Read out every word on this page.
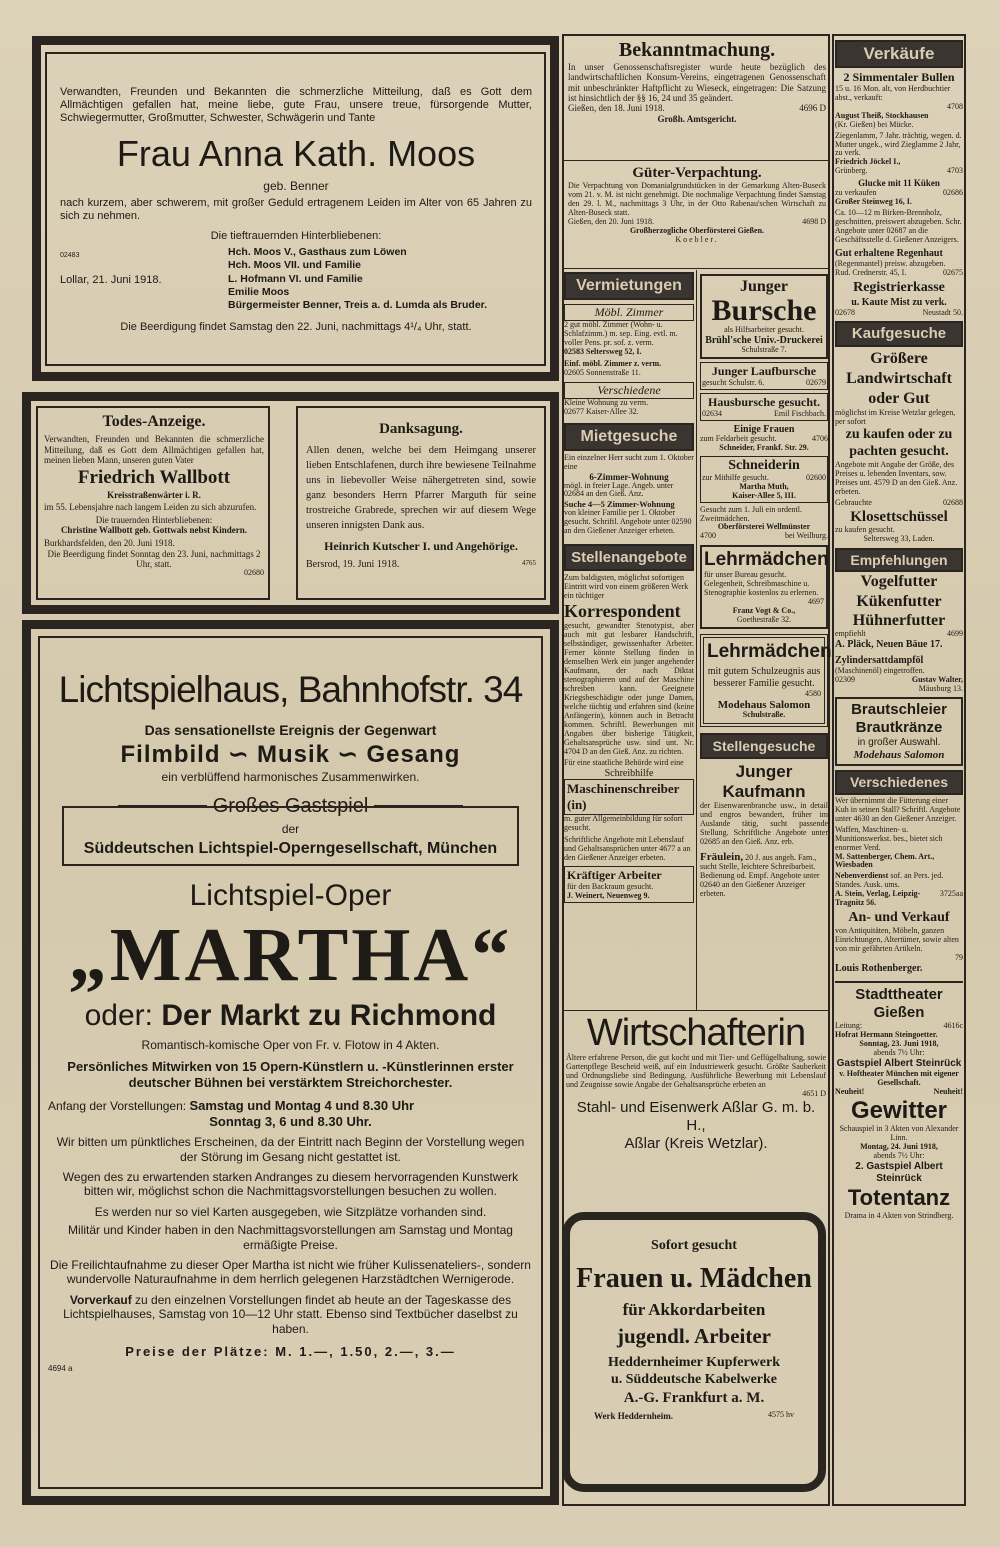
Verwandten, Freunden und Bekannten die schmerzliche Mitteilung, daß es Gott dem Allmächtigen gefallen hat, meine liebe, gute Frau, unsere treue, fürsorgende Mutter, Schwiegermutter, Großmutter, Schwester, Schwägerin und Tante

Frau Anna Kath. Moos

geb. Benner

nach kurzem, aber schwerem, mit großer Geduld ertragenem Leiden im Alter von 65 Jahren zu sich zu nehmen.

Die tieftrauernden Hinterbliebenen:

02483

Lollar, 21. Juni 1918.

Hch. Moos V., Gasthaus zum Löwen

Hch. Moos VII. und Familie

L. Hofmann VI. und Familie

Emilie Moos

Bürgermeister Benner, Treis a. d. Lumda als Bruder.

Die Beerdigung findet Samstag den 22. Juni, nachmittags 4¹/₄ Uhr, statt.

Todes-Anzeige.

Verwandten, Freunden und Bekannten die schmerzliche Mitteilung, daß es Gott dem Allmächtigen gefallen hat, meinen lieben Mann, unseren guten Vater

Friedrich Wallbott

Kreisstraßenwärter i. R.

im 55. Lebensjahre nach langem Leiden zu sich abzurufen.

Die trauernden Hinterbliebenen:

Christine Wallbott geb. Gottwals nebst Kindern.

Burkhardsfelden, den 20. Juni 1918.

Die Beerdigung findet Sonntag den 23. Juni, nachmittags 2 Uhr, statt.

02680

Danksagung.

Allen denen, welche bei dem Heimgang unserer lieben Entschlafenen, durch ihre bewiesene Teilnahme uns in liebevoller Weise nähergetreten sind, sowie ganz besonders Herrn Pfarrer Marguth für seine trostreiche Grabrede, sprechen wir auf diesem Wege unseren innigsten Dank aus.

Heinrich Kutscher I. und Angehörige.

Bersrod, 19. Juni 1918.	4765

Lichtspielhaus, Bahnhofstr. 34

Das sensationellste Ereignis der Gegenwart

Filmbild ∽ Musik ∽ Gesang

ein verblüffend harmonisches Zusammenwirken.

Großes Gastspiel

der

Süddeutschen Lichtspiel-Operngesellschaft, München

Lichtspiel-Oper

„MARTHA“

oder: Der Markt zu Richmond

Romantisch-komische Oper von Fr. v. Flotow in 4 Akten.

Persönliches Mitwirken von 15 Opern-Künstlern u. -Künstlerinnen erster deutscher Bühnen bei verstärktem Streichorchester.

Anfang der Vorstellungen: Samstag und Montag 4 und 8.30 Uhr

Sonntag 3, 6 und 8.30 Uhr.

Wir bitten um pünktliches Erscheinen, da der Eintritt nach Beginn der Vorstellung wegen der Störung im Gesang nicht gestattet ist.

Wegen des zu erwartenden starken Andranges zu diesem hervorragenden Kunstwerk bitten wir, möglichst schon die Nachmittagsvorstellungen besuchen zu wollen.

Es werden nur so viel Karten ausgegeben, wie Sitzplätze vorhanden sind.

Militär und Kinder haben in den Nachmittagsvorstellungen am Samstag und Montag ermäßigte Preise.

Die Freilichtaufnahme zu dieser Oper Martha ist nicht wie früher Kulissenateliers-, sondern wundervolle Naturaufnahme in dem herrlich gelegenen Harzstädtchen Wernigerode.

Vorverkauf zu den einzelnen Vorstellungen findet ab heute an der Tageskasse des Lichtspielhauses, Samstag von 10—12 Uhr statt. Ebenso sind Textbücher daselbst zu haben.

Preise der Plätze: M. 1.—, 1.50, 2.—, 3.—

4694 a

Bekanntmachung.

In unser Genossenschaftsregister wurde heute bezüglich des landwirtschaftlichen Konsum-Vereins, eingetragenen Genossenschaft mit unbeschränkter Haftpflicht zu Wieseck, eingetragen: Die Satzung ist hinsichtlich der §§ 16, 24 und 35 geändert.

Gießen, den 18. Juni 1918.	4696 D

Großh. Amtsgericht.

Güter-Verpachtung.

Die Verpachtung von Domanialgrundstücken in der Gemarkung Alten-Buseck vom 21. v. M. ist nicht genehmigt. Die nochmalige Verpachtung findet Samstag den 29. l. M., nachmittags 3 Uhr, in der Otto Rabenau'schen Wirtschaft zu Alten-Buseck statt.

Gießen, den 20. Juni 1918.	4698 D

Großherzogliche Oberförsterei Gießen.

Koebler.

Vermietungen
Möbl. Zimmer

2 gut möbl. Zimmer (Wohn- u. Schlafzimm.) m. sep. Eing. evtl. m. voller Pens. pr. sof. z. verm.

02583 Seltersweg 52, I.

Einf. möbl. Zimmer z. verm.

02605 Sonnenstraße 11.

Verschiedene

Kleine Wohnung zu verm.

02677 Kaiser-Allee 32.

Mietgesuche

Ein einzelner Herr sucht zum 1. Oktober eine

6-Zimmer-Wohnung

mögl. in freier Lage. Angeb. unter 02684 an den Gieß. Anz.

Suche 4—5 Zimmer-Wohnung

von kleiner Familie per 1. Oktober gesucht. Schriftl. Angebote unter 02590 an den Gießener Anzeiger erbeten.

Stellenangebote

Zum baldigsten, möglichst sofortigen Eintritt wird von einem größeren Werk ein tüchtiger

Korrespondent

gesucht, gewandter Stenotypist, aber auch mit gut lesbarer Handschrift, selbständiger, gewissenhafter Arbeiter. Ferner könnte Stellung finden in demselben Werk ein junger angehender Kaufmann, der nach Diktat stenographieren und auf der Maschine schreiben kann. Geeignete Kriegsbeschädigte oder junge Damen, welche tüchtig und erfahren sind (keine Anfängerin), können auch in Betracht kommen. Schriftl. Bewerbungen mit Angaben über bisherige Tätigkeit, Gehaltsansprüche usw. sind unt. Nr. 4704 D an den Gieß. Anz. zu richten.

Für eine staatliche Behörde wird eine

Schreibhilfe

Maschinenschreiber (in)

m. guter Allgemeinbildung für sofort gesucht.

Schriftliche Angebote mit Lebenslauf und Gehaltsansprüchen unter 4677 a an den Gießener Anzeiger erbeten.

Kräftiger Arbeiter

für den Backraum gesucht.

J. Weinert, Neuenweg 9.

Junger

Bursche

als Hilfsarbeiter gesucht.

Brühl'sche Univ.-Druckerei

Schulstraße 7.

Junger Laufbursche

gesucht Schulstr. 6.	02679

Hausbursche gesucht.

02634	Emil Fischbach.

Einige Frauen

zum Feldarbeit gesucht.	4706

Schneider, Frankf. Str. 29.

Schneiderin

zur Mithilfe gesucht.	02600

Martha Muth,

Kaiser-Allee 5, III.

Gesucht zum 1. Juli ein ordentl. Zweitmädchen.

Oberförsterei Wellmünster

4700	bei Weilburg.

Lehrmädchen

für unser Bureau gesucht. Gelegenheit, Schreibmaschine u. Stenographie kostenlos zu erlernen.

4697

Franz Vogt & Co.,

Goethestraße 32.

Lehrmädchen

mit gutem Schulzeugnis aus besserer Familie gesucht.

4580

Modehaus Salomon

Schulstraße.

Stellengesuche

Junger Kaufmann

der Eisenwarenbranche usw., in detail und engros bewandert, früher im Auslande tätig, sucht passende Stellung. Schriftliche Angebote unter 02685 an den Gieß. Anz. erb.

Fräulein, 20 J. aus angeh. Fam., sucht Stelle, leichtere Schreibarbeit. Bedienung od. Empf. Angebote unter 02640 an den Gießener Anzeiger erbeten.

Wirtschafterin

Ältere erfahrene Person, die gut kocht und mit Tier- und Geflügelhaltung, sowie Gartenpflege Bescheid weiß, auf ein Industriewerk gesucht. Größte Sauberkeit und Ordnungsliebe sind Bedingung. Ausführliche Bewerbung mit Lebenslauf und Zeugnisse sowie Angabe der Gehaltsansprüche erbeten an

4651 D

Stahl- und Eisenwerk Aßlar G. m. b. H.,

Aßlar (Kreis Wetzlar).

Sofort gesucht

Frauen u. Mädchen

für Akkordarbeiten

jugendl. Arbeiter

Heddernheimer Kupferwerk

u. Süddeutsche Kabelwerke

A.-G. Frankfurt a. M.

Werk Heddernheim.	4575 hv
Verkäufe

2 Simmentaler Bullen

15 u. 16 Mon. alt, von Herdbuchtier abst., verkauft:

4708

August Theiß, Stockhausen

(Kr. Gießen) bei Mücke.

Ziegenlamm, 7 Jahr. trächtig, wegen. d. Mutter ungek., wird Zieglamme 2 Jahr, zu verk.

Friedrich Jöckel I.,

Grünberg.	4703

Glucke mit 11 Küken

zu verkaufen	02686

Großer Steinweg 16, I.

Ca. 10—12 m Birken-Brennholz, geschnitten, preiswert abzugeben. Schr. Angebote unter 02687 an die Geschäftsstelle d. Gießener Anzeigers.

Gut erhaltene Regenhaut

(Regenmantel) preisw. abzugeben.

Rud. Crednerstr. 45, I.	02675

Registrierkasse

u. Kaute Mist zu verk.

02678	Neustadt 50.
Kaufgesuche

Größere Landwirtschaft oder Gut

möglichst im Kreise Wetzlar gelegen, per sofort

zu kaufen oder zu pachten gesucht.

Angebote mit Angabe der Größe, des Preises u. lebenden Inventars, sow. Preises unt. 4579 D an den Gieß. Anz. erbeten.

Gebrauchte	02688

Klosettschüssel

zu kaufen gesucht.

Seltersweg 33, Laden.

Empfehlungen

Vogelfutter

Kükenfutter

Hühnerfutter

empfiehlt	4699

A. Pläck, Neuen Bäue 17.

Zylindersattdampföl

(Maschinenöl) eingetroffen.

02309	Gustav Walter,

Mäusburg 13.

Brautschleier

Brautkränze

in großer Auswahl.

Modehaus Salomon

Verschiedenes

Wer übernimmt die Fütterung einer Kuh in seinen Stall? Schriftl. Angebote unter 4630 an den Gießener Anzeiger.

Waffen, Maschinen- u. Munitionswerkst. bes., bietet sich enormer Verd.

M. Sattenberger, Chem. Art., Wiesbaden

Nebenverdienst sof. an Pers. jed. Standes. Ausk. ums.

A. Stein, Verlag, Leipzig-Tragnitz 56.
3725aa

An- und Verkauf

von Antiquitäten, Möbeln, ganzen Einrichtungen, Altertümer, sowie alten von mir gefährten Artikeln.

79

Louis Rothenberger.

Stadttheater Gießen

Leitung:	4616c

Hofrat Hermann Steingoetter.

Sonntag, 23. Juni 1918,

abends 7½ Uhr:

Gastspiel Albert Steinrück

v. Hoftheater München mit eigener Gesellschaft.

Neuheit!	Neuheit!

Gewitter

Schauspiel in 3 Akten von Alexander Linn.

Montag, 24. Juni 1918,

abends 7½ Uhr:

2. Gastspiel Albert Steinrück

Totentanz

Drama in 4 Akten von Strindberg.
